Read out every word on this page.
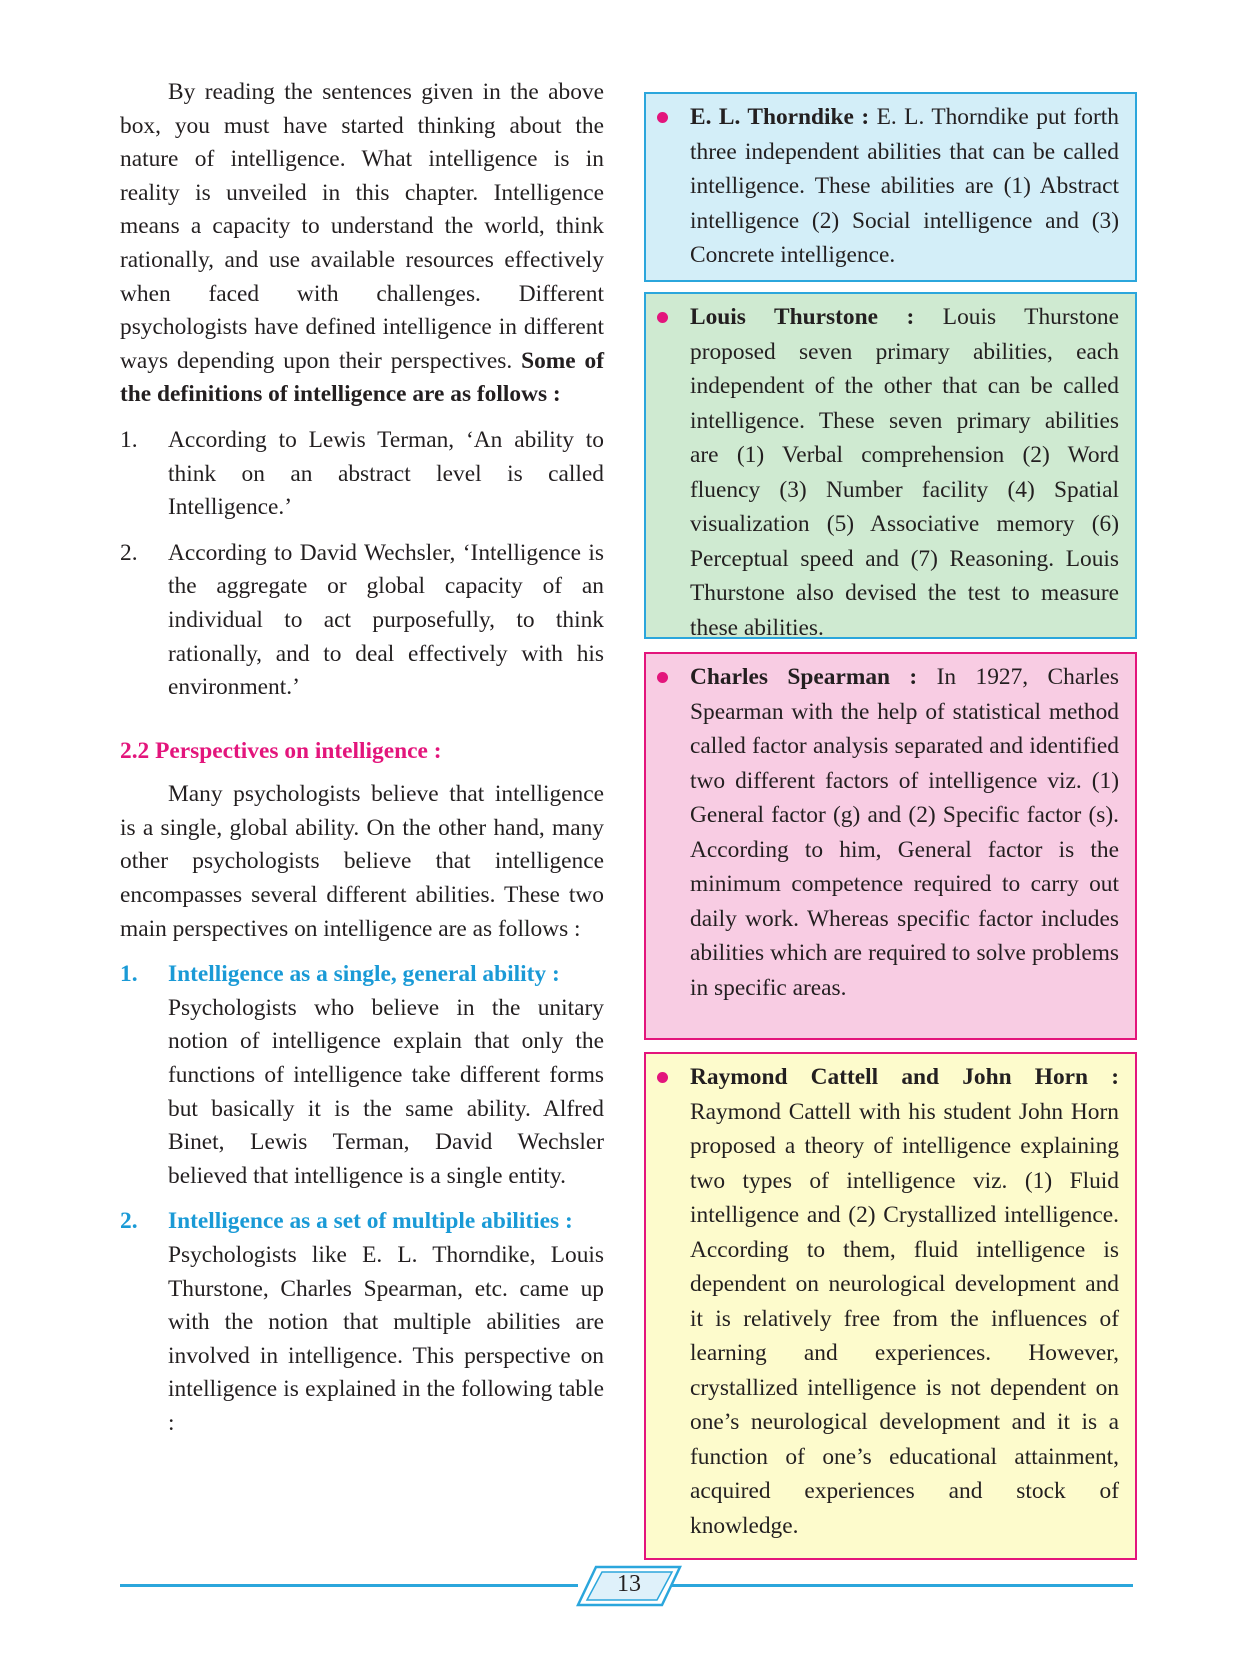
By reading the sentences given in the above box, you must have started thinking about the nature of intelligence. What intelligence is in reality is unveiled in this chapter. Intelligence means a capacity to understand the world, think rationally, and use available resources effectively when faced with challenges. Different psychologists have defined intelligence in different ways depending upon their perspectives. Some of the definitions of intelligence are as follows :

1.	According to Lewis Terman, ‘An ability to think on an abstract level is called Intelligence.’
2.	According to David Wechsler, ‘Intelligence is the aggregate or global capacity of an individual to act purposefully, to think rationally, and to deal effectively with his environment.’

2.2 Perspectives on intelligence :

Many psychologists believe that intelligence is a single, global ability. On the other hand, many other psychologists believe that intelligence encompasses several different abilities. These two main perspectives on intelligence are as follows :

1.	Intelligence as a single, general ability :
Psychologists who believe in the unitary notion of intelligence explain that only the functions of intelligence take different forms but basically it is the same ability. Alfred Binet, Lewis Terman, David Wechsler believed that intelligence is a single entity.
2.	Intelligence as a set of multiple abilities :
Psychologists like E. L. Thorndike, Louis Thurstone, Charles Spearman, etc. came up with the notion that multiple abilities are involved in intelligence. This perspective on intelligence is explained in the following table :
E. L. Thorndike : E. L. Thorndike put forth three independent abilities that can be called intelligence. These abilities are (1) Abstract intelligence (2) Social intelligence and (3) Concrete intelligence.
Louis Thurstone : Louis Thurstone proposed seven primary abilities, each independent of the other that can be called intelligence. These seven primary abilities are (1) Verbal comprehension (2) Word fluency (3) Number facility (4) Spatial visualization (5) Associative memory (6) Perceptual speed and (7) Reasoning. Louis Thurstone also devised the test to measure these abilities.
Charles Spearman : In 1927, Charles Spearman with the help of statistical method called factor analysis separated and identified two different factors of intelligence viz. (1) General factor (g) and (2) Specific factor (s). According to him, General factor is the minimum competence required to carry out daily work. Whereas specific factor includes abilities which are required to solve problems in specific areas.
Raymond Cattell and John Horn : Raymond Cattell with his student John Horn proposed a theory of intelligence explaining two types of intelligence viz. (1) Fluid intelligence and (2) Crystallized intelligence. According to them, fluid intelligence is dependent on neurological development and it is relatively free from the influences of learning and experiences. However, crystallized intelligence is not dependent on one’s neurological development and it is a function of one’s educational attainment, acquired experiences and stock of knowledge.
13
